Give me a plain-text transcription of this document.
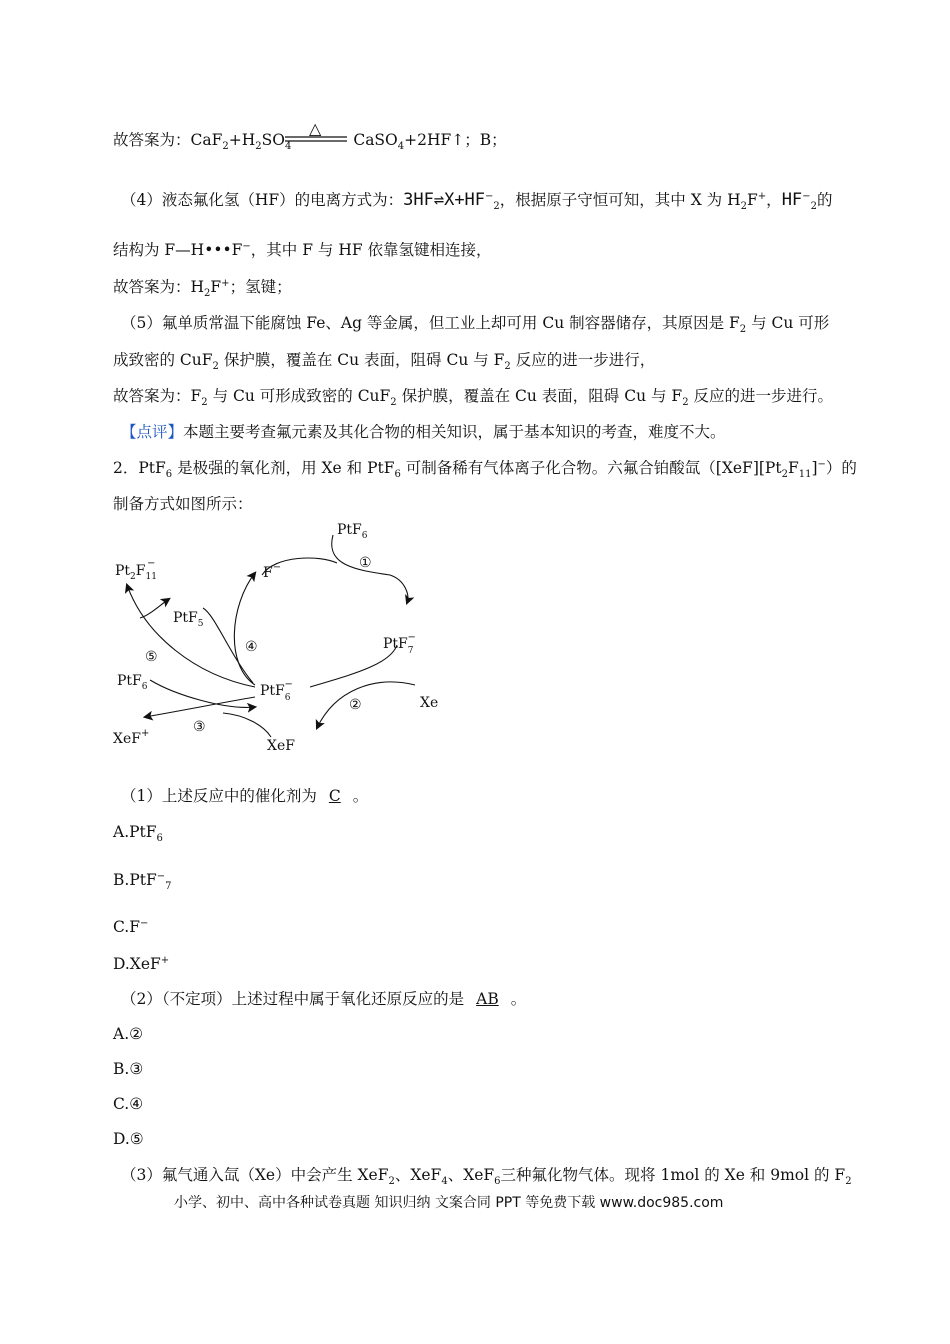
故答案为：$CaF_2+H_2SO_4$	CaSO$_4$+2HF↑；B；
△
（4）液态氟化氢（HF）的电离方式为：$3HF\rightleftharpoons X+HF^-_2$，根据原子守恒可知，其中 X 为 $H_2F^+$，$HF^-_2$的
结构为 F—H•••F−，其中 F 与 HF 依靠氢键相连接，
故答案为：$H_2F^+$；氢键；
（5）氟单质常温下能腐蚀 Fe、Ag 等金属，但工业上却可用 Cu 制容器储存，其原因是 $F_2$ 与 Cu 可形
成致密的 CuF$_2$ 保护膜，覆盖在 Cu 表面，阻碍 Cu 与 $F_2$ 反应的进一步进行，
故答案为：$F_2$ 与 Cu 可形成致密的 CuF$_2$ 保护膜，覆盖在 Cu 表面，阻碍 Cu 与 $F_2$ 反应的进一步进行。
【点评】本题主要考查氟元素及其化合物的相关知识，属于基本知识的考查，难度不大。
2．PtF$_6$ 是极强的氧化剂，用 Xe 和 PtF$_6$ 可制备稀有气体离子化合物。六氟合铂酸氙$([XeF][Pt_2F_{11}]^-)$的
制备方式如图所示：
PtF$_6$
F−
$Pt_2F_{11}-$
PtF$_5$
PtF$_7$−
PtF$_6$	PtF$_6$−
Xe
XeF+
XeF
①
②
③
④
⑤
（1）上述反应中的催化剂为 C 。
A.PtF$_6$
B.PtF−$_7$
C.F−
D.XeF+
（2）（不定项）上述过程中属于氧化还原反应的是 AB 。
A.②
B.③
C.④
D.⑤
（3）氟气通入氙（Xe）中会产生 XeF$_2$、XeF$_4$、XeF$_6$三种氟化物气体。现将 1mol 的 Xe 和 9mol 的 $F_2$
小学、初中、高中各种试卷真题 知识归纳 文案合同 PPT 等免费下载 www.doc985.com
